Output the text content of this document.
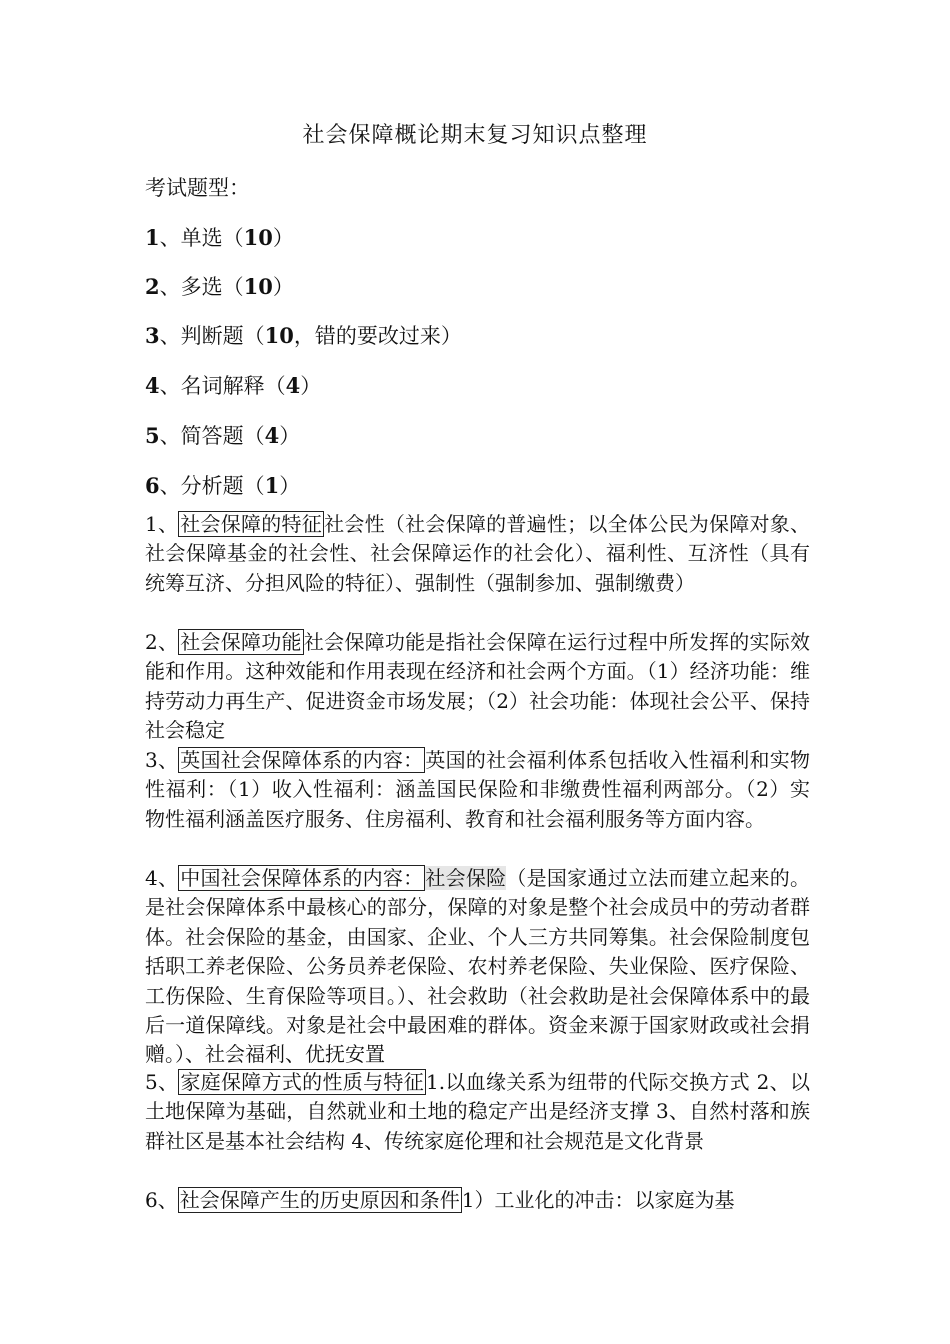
社会保障概论期末复习知识点整理
考试题型：
1、单选（10）
2、多选（10）
3、判断题（10，错的要改过来）
4、名词解释（4）
5、简答题（4）
6、分析题（1）
1、 社会保障的特征 社会性（社会保障的普遍性；以全体公民为保障对象、社会保障基金的社会性、社会保障运作的社会化）、福利性、互济性（具有统筹互济、分担风险的特征）、强制性（强制参加、强制缴费）
2、 社会保障功能 社会保障功能是指社会保障在运行过程中所发挥的实际效能和作用。这种效能和作用表现在经济和社会两个方面。（1）经济功能：维持劳动力再生产、促进资金市场发展；（2）社会功能：体现社会公平、保持社会稳定
3、 英国社会保障体系的内容： 英国的社会福利体系包括收入性福利和实物性福利：（1）收入性福利：涵盖国民保险和非缴费性福利两部分。（2）实物性福利涵盖医疗服务、住房福利、教育和社会福利服务等方面内容。
4、 中国社会保障体系的内容： 社会保险（是国家通过立法而建立起来的。是社会保障体系中最核心的部分，保障的对象是整个社会成员中的劳动者群体。社会保险的基金，由国家、企业、个人三方共同筹集。社会保险制度包括职工养老保险、公务员养老保险、农村养老保险、失业保险、医疗保险、工伤保险、生育保险等项目。）、社会救助（社会救助是社会保障体系中的最后一道保障线。对象是社会中最困难的群体。资金来源于国家财政或社会捐赠。）、社会福利、优抚安置
5、 家庭保障方式的性质与特征 1.以血缘关系为纽带的代际交换方式 2、以土地保障为基础，自然就业和土地的稳定产出是经济支撑 3、自然村落和族群社区是基本社会结构 4、传统家庭伦理和社会规范是文化背景
6、 社会保障产生的历史原因和条件 1）工业化的冲击：以家庭为基
